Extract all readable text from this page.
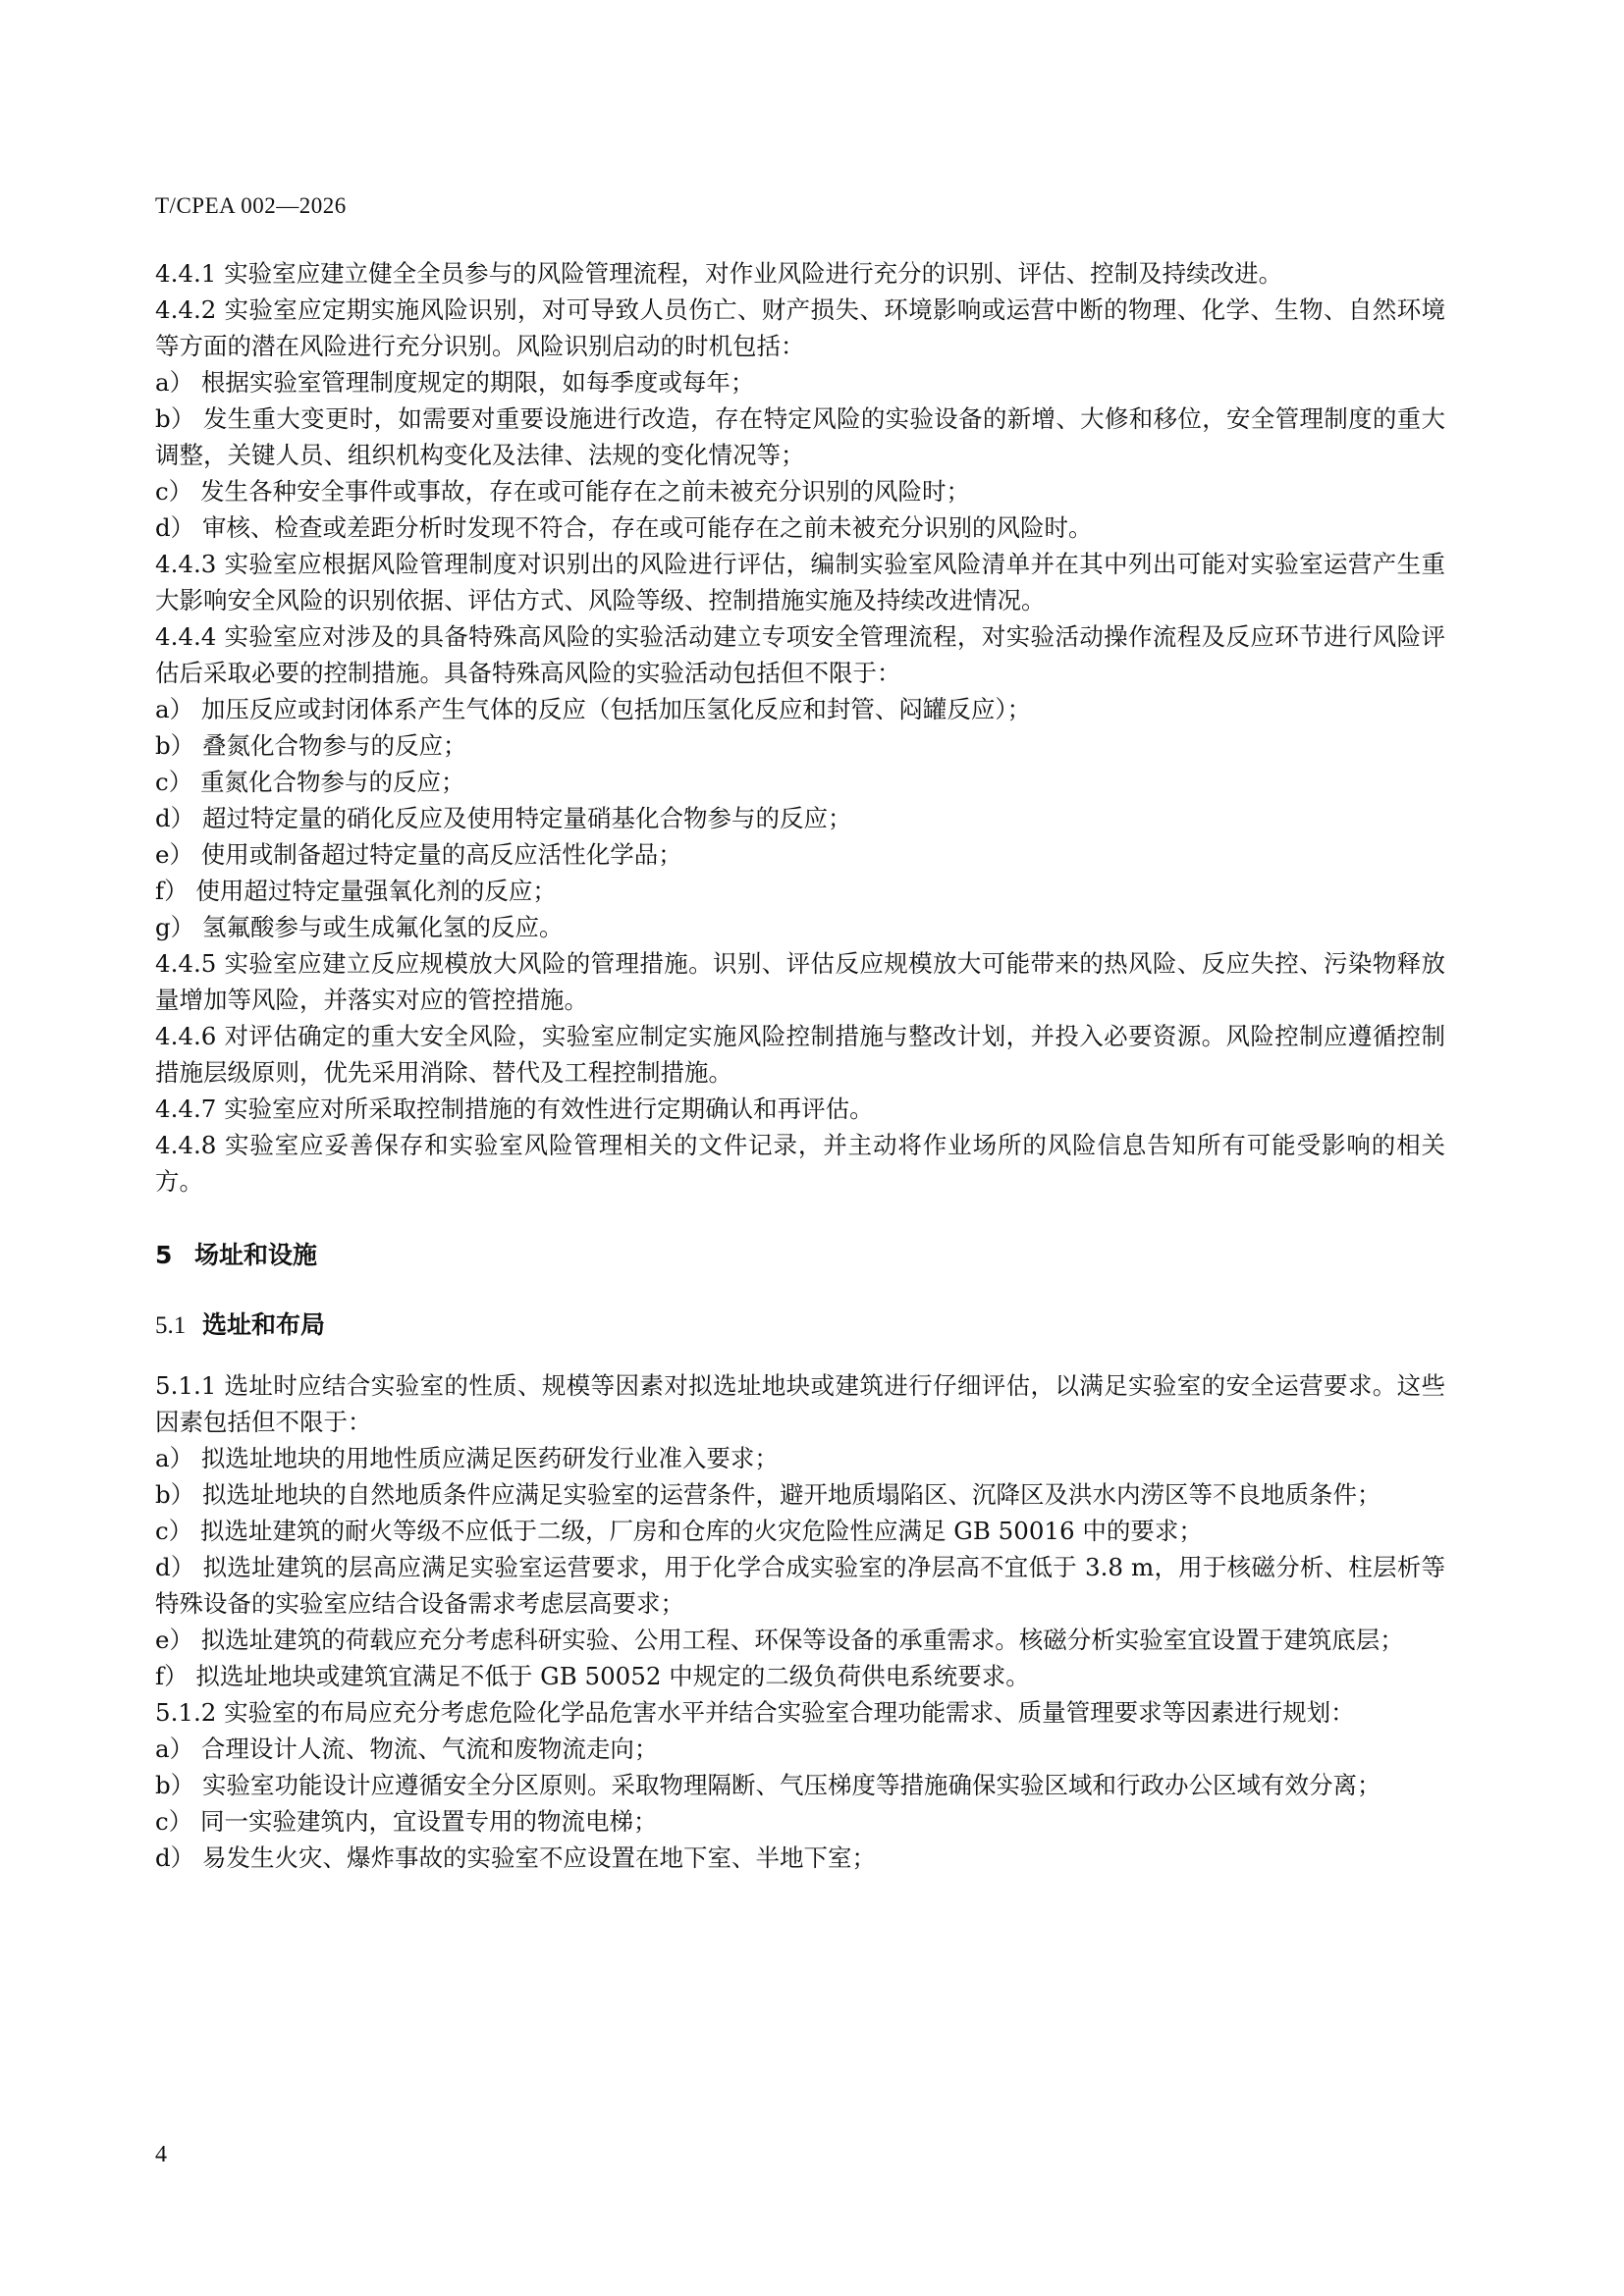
T/CPEA 002—2026

4.4.1 实验室应建立健全全员参与的风险管理流程，对作业风险进行充分的识别、评估、控制及持续改进。

4.4.2 实验室应定期实施风险识别，对可导致人员伤亡、财产损失、环境影响或运营中断的物理、化学、生物、自然环境等方面的潜在风险进行充分识别。风险识别启动的时机包括：

a） 根据实验室管理制度规定的期限，如每季度或每年；

b） 发生重大变更时，如需要对重要设施进行改造，存在特定风险的实验设备的新增、大修和移位，安全管理制度的重大调整，关键人员、组织机构变化及法律、法规的变化情况等；

c） 发生各种安全事件或事故，存在或可能存在之前未被充分识别的风险时；

d） 审核、检查或差距分析时发现不符合，存在或可能存在之前未被充分识别的风险时。

4.4.3 实验室应根据风险管理制度对识别出的风险进行评估，编制实验室风险清单并在其中列出可能对实验室运营产生重大影响安全风险的识别依据、评估方式、风险等级、控制措施实施及持续改进情况。

4.4.4 实验室应对涉及的具备特殊高风险的实验活动建立专项安全管理流程，对实验活动操作流程及反应环节进行风险评估后采取必要的控制措施。具备特殊高风险的实验活动包括但不限于：

a） 加压反应或封闭体系产生气体的反应（包括加压氢化反应和封管、闷罐反应）；

b） 叠氮化合物参与的反应；

c） 重氮化合物参与的反应；

d） 超过特定量的硝化反应及使用特定量硝基化合物参与的反应；

e） 使用或制备超过特定量的高反应活性化学品；

f） 使用超过特定量强氧化剂的反应；

g） 氢氟酸参与或生成氟化氢的反应。

4.4.5 实验室应建立反应规模放大风险的管理措施。识别、评估反应规模放大可能带来的热风险、反应失控、污染物释放量增加等风险，并落实对应的管控措施。

4.4.6 对评估确定的重大安全风险，实验室应制定实施风险控制措施与整改计划，并投入必要资源。风险控制应遵循控制措施层级原则，优先采用消除、替代及工程控制措施。

4.4.7 实验室应对所采取控制措施的有效性进行定期确认和再评估。

4.4.8 实验室应妥善保存和实验室风险管理相关的文件记录，并主动将作业场所的风险信息告知所有可能受影响的相关方。

5 场址和设施
5.1 选址和布局

5.1.1 选址时应结合实验室的性质、规模等因素对拟选址地块或建筑进行仔细评估，以满足实验室的安全运营要求。这些因素包括但不限于：

a） 拟选址地块的用地性质应满足医药研发行业准入要求；

b） 拟选址地块的自然地质条件应满足实验室的运营条件，避开地质塌陷区、沉降区及洪水内涝区等不良地质条件；

c） 拟选址建筑的耐火等级不应低于二级，厂房和仓库的火灾危险性应满足 GB 50016 中的要求；

d） 拟选址建筑的层高应满足实验室运营要求，用于化学合成实验室的净层高不宜低于 3.8 m，用于核磁分析、柱层析等特殊设备的实验室应结合设备需求考虑层高要求；

e） 拟选址建筑的荷载应充分考虑科研实验、公用工程、环保等设备的承重需求。核磁分析实验室宜设置于建筑底层；

f） 拟选址地块或建筑宜满足不低于 GB 50052 中规定的二级负荷供电系统要求。

5.1.2 实验室的布局应充分考虑危险化学品危害水平并结合实验室合理功能需求、质量管理要求等因素进行规划：

a） 合理设计人流、物流、气流和废物流走向；

b） 实验室功能设计应遵循安全分区原则。采取物理隔断、气压梯度等措施确保实验区域和行政办公区域有效分离；

c） 同一实验建筑内，宜设置专用的物流电梯；

d） 易发生火灾、爆炸事故的实验室不应设置在地下室、半地下室；

4
